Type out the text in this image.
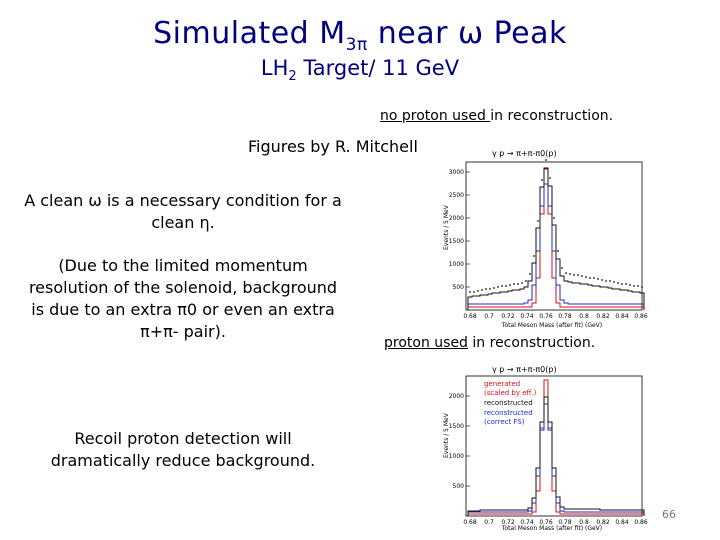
Simulated $M_{3\pi}$ near ω Peak
$LH_2$ Target/ 11 GeV
no proton used in reconstruction.
Figures by R. Mitchell
A clean ω is a necessary condition for a clean η.
(Due to the limited momentum resolution of the solenoid, background is due to an extra π0 or even an extra π+π- pair).
Recoil proton detection will dramatically reduce background.
proton used in reconstruction.
γ p → π+π-π0(p)
Events / 5 MeV
500
1000
1500
2000
2500
3000
0.68 0.7 0.72 0.74 0.76 0.78 0.8 0.82 0.84 0.86
Total Meson Mass (after fit) (GeV)
γ p → π+π-π0(p)
Events / 5 MeV
500
1000
1500
2000
0.68 0.7 0.72 0.74 0.76 0.78 0.8 0.82 0.84 0.86
generated
(scaled by eff.)
reconstructed
reconstructed
(correct FS)
Total Meson Mass (after fit) (GeV)
66
